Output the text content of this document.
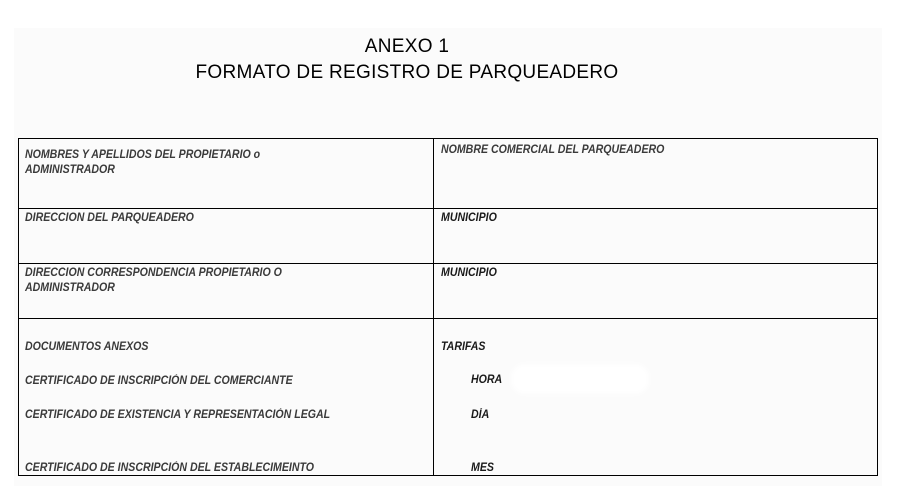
ANEXO 1
FORMATO DE REGISTRO DE PARQUEADERO
NOMBRES Y APELLIDOS DEL PROPIETARIO o
ADMINISTRADOR
NOMBRE COMERCIAL DEL PARQUEADERO
DIRECCION DEL PARQUEADERO	MUNICIPIO
DIRECCION CORRESPONDENCIA PROPIETARIO O
ADMINISTRADOR
MUNICIPIO
DOCUMENTOS ANEXOS
CERTIFICADO DE INSCRIPCIÓN DEL COMERCIANTE
CERTIFICADO DE EXISTENCIA Y REPRESENTACIÓN LEGAL
CERTIFICADO DE INSCRIPCIÓN DEL ESTABLECIMEINTO
TARIFAS
HORA
DÍA
MES
